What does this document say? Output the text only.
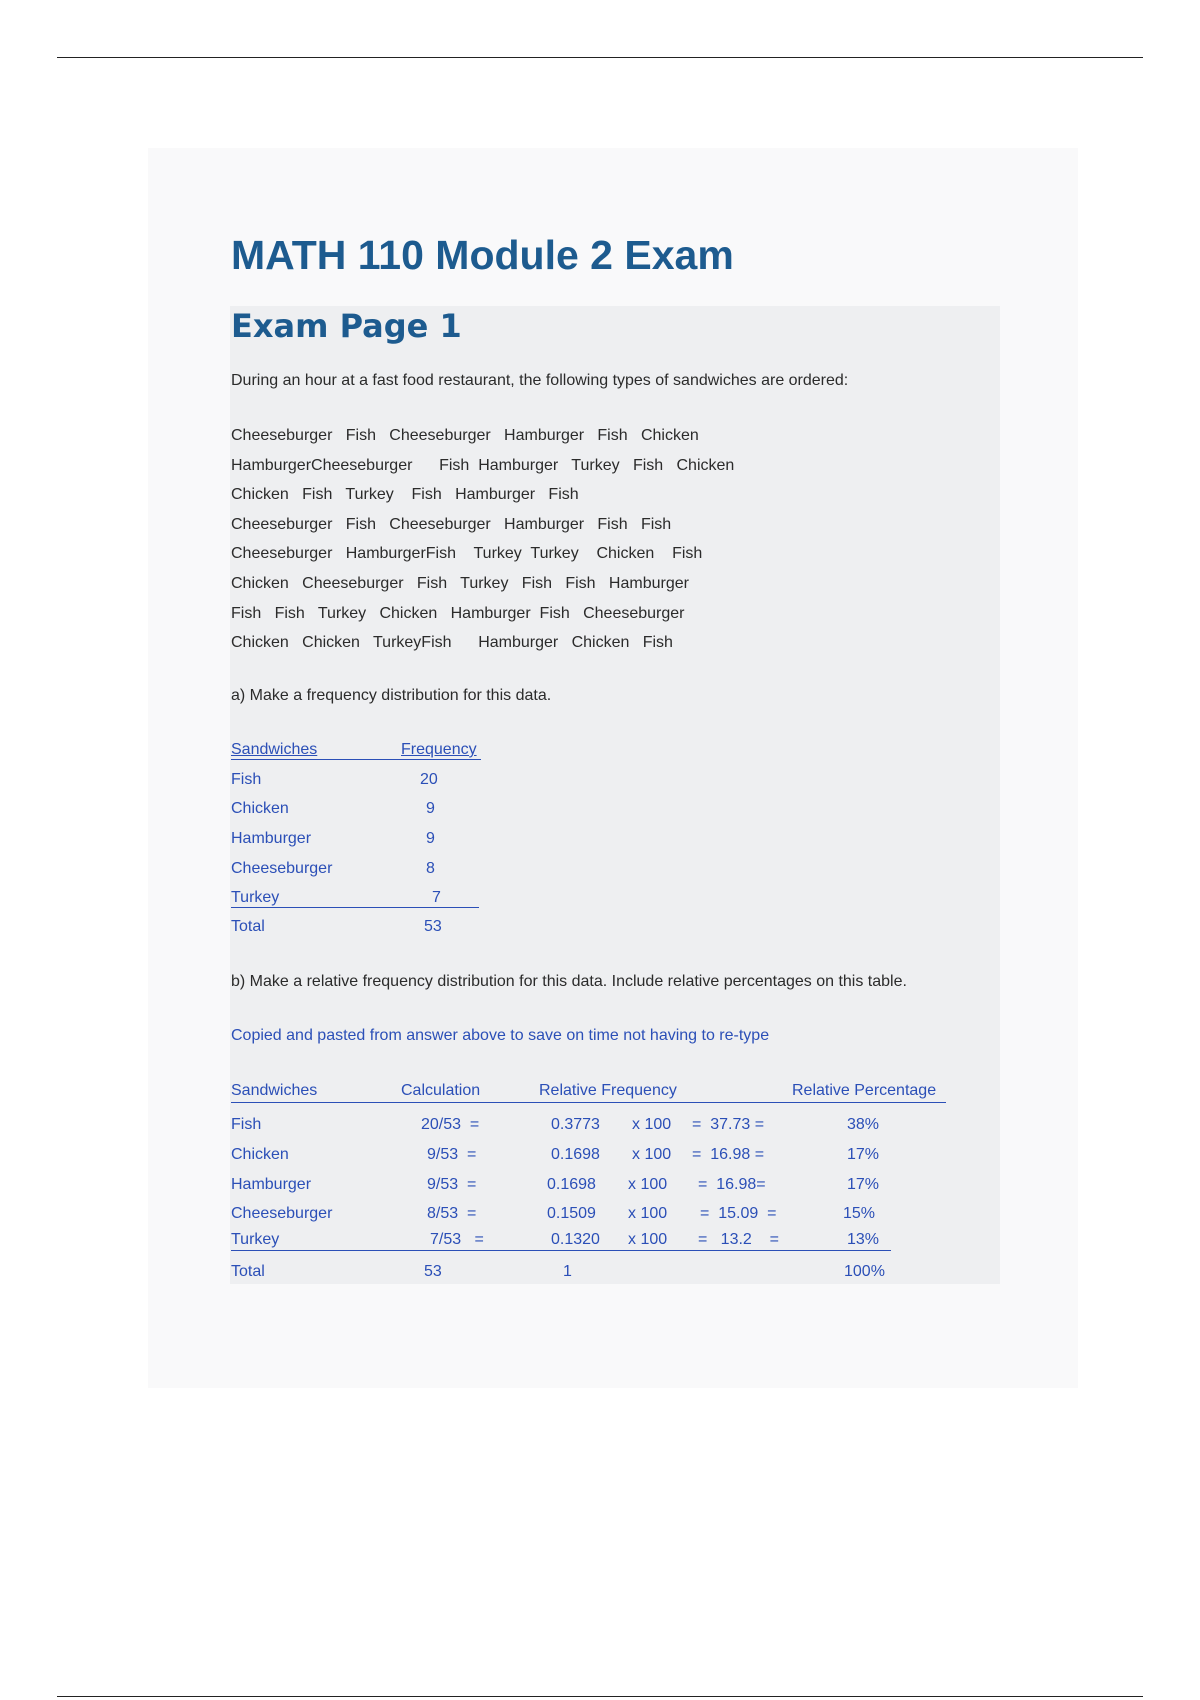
MATH 110 Module 2 Exam
Exam Page 1
During an hour at a fast food restaurant, the following types of sandwiches are ordered:
Cheeseburger   Fish   Cheeseburger   Hamburger   Fish   Chicken
HamburgerCheeseburger      Fish  Hamburger   Turkey   Fish   Chicken
Chicken   Fish   Turkey    Fish   Hamburger   Fish
Cheeseburger   Fish   Cheeseburger   Hamburger   Fish   Fish
Cheeseburger   HamburgerFish    Turkey  Turkey    Chicken    Fish
Chicken   Cheeseburger   Fish   Turkey   Fish   Fish   Hamburger
Fish   Fish   Turkey   Chicken   Hamburger  Fish   Cheeseburger
Chicken   Chicken   TurkeyFish      Hamburger   Chicken   Fish
a) Make a frequency distribution for this data.
Sandwiches	Frequency
Fish	20
Chicken	9
Hamburger	9
Cheeseburger	8
Turkey	7
Total	53
b) Make a relative frequency distribution for this data. Include relative percentages on this table.
Copied and pasted from answer above to save on time not having to re-type
Sandwiches	Calculation	Relative Frequency	Relative Percentage
Fish	20/53  =	0.3773 x 100 =  37.73 =	38%
Chicken	9/53  =	0.1698 x 100 =  16.98 =	17%
Hamburger	9/53  =	0.1698 x 100 =  16.98=	17%
Cheeseburger	8/53  =	0.1509 x 100 =  15.09  =	15%
Turkey	7/53   =	0.1320 x 100 =   13.2    =	13%
Total	53	1	100%
